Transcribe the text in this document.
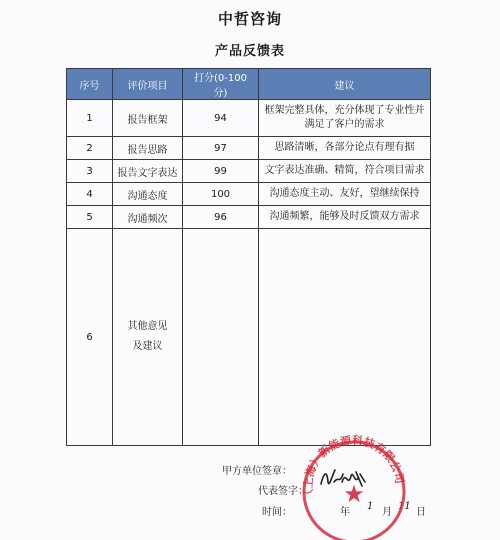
中哲咨询
产品反馈表
序号	评价项目	打分(0-100 分)	建议
1	报告框架	94	框架完整具体，充分体现了专业性并
满足了客户的需求

2	报告思路	97	思路清晰，各部分论点有理有据
3	报告文字表达	99	文字表达准确、精简，符合项目需求
4	沟通态度	100	沟通态度主动、友好，望继续保持
5	沟通频次	96	沟通频繁，能够及时反馈双方需求
6	其他意见
及建议		
甲方单位签章：
代表签字：
时间：	年
1
月
11
日
（上海）新能源科技有限公司
★
